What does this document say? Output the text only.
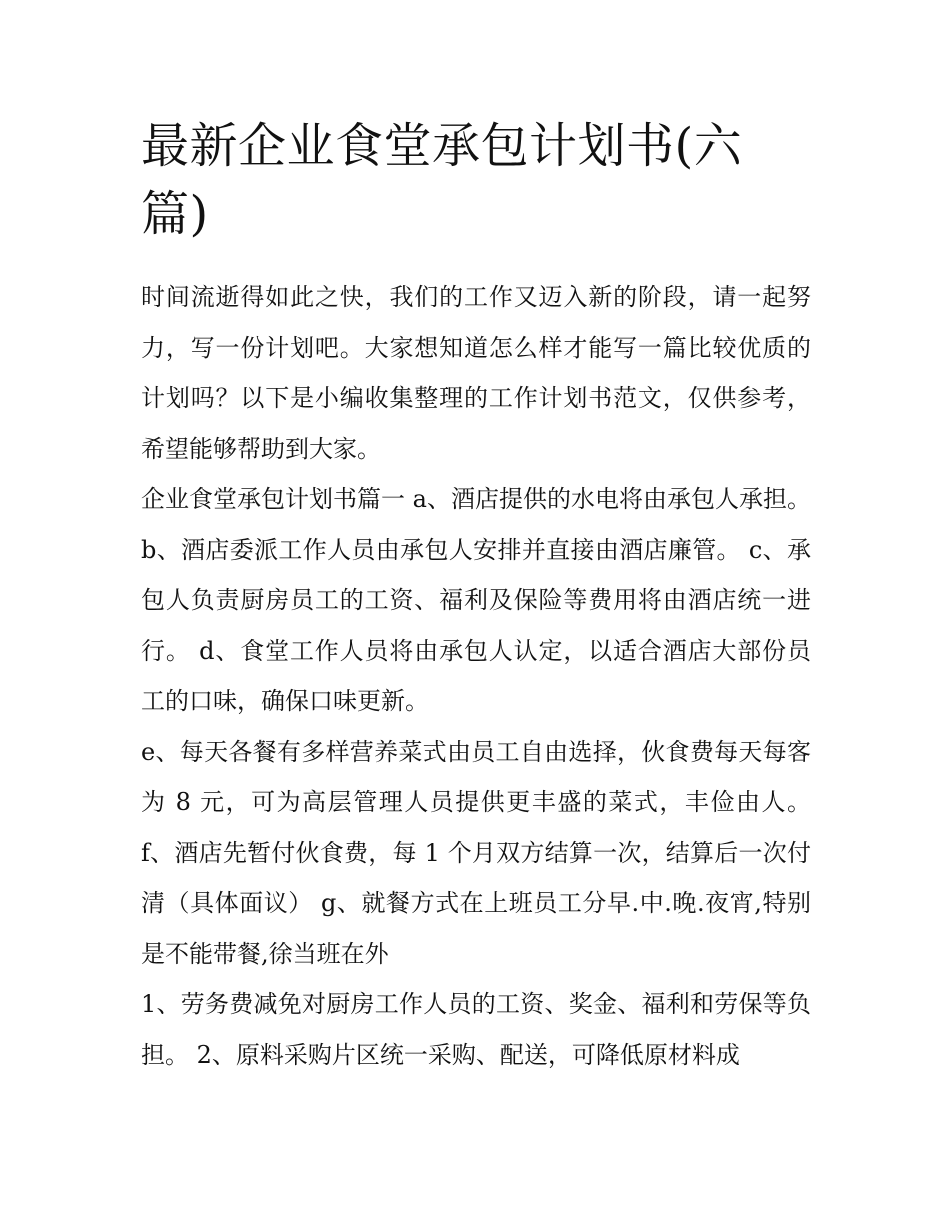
最新企业食堂承包计划书(六篇)

时间流逝得如此之快，我们的工作又迈入新的阶段，请一起努力，写一份计划吧。大家想知道怎么样才能写一篇比较优质的计划吗？以下是小编收集整理的工作计划书范文，仅供参考，希望能够帮助到大家。

企业食堂承包计划书篇一 a、酒店提供的水电将由承包人承担。 b、酒店委派工作人员由承包人安排并直接由酒店廉管。 c、承包人负责厨房员工的工资、福利及保险等费用将由酒店统一进行。 d、食堂工作人员将由承包人认定，以适合酒店大部份员工的口味，确保口味更新。

e、每天各餐有多样营养菜式由员工自由选择，伙食费每天每客为 8 元，可为高层管理人员提供更丰盛的菜式，丰俭由人。 f、酒店先暂付伙食费，每 1 个月双方结算一次，结算后一次付清（具体面议） g、就餐方式在上班员工分早.中.晚.夜宵,特别是不能带餐,徐当班在外

1、劳务费减免对厨房工作人员的工资、奖金、福利和劳保等负担。 2、原料采购片区统一采购、配送，可降低原材料成
